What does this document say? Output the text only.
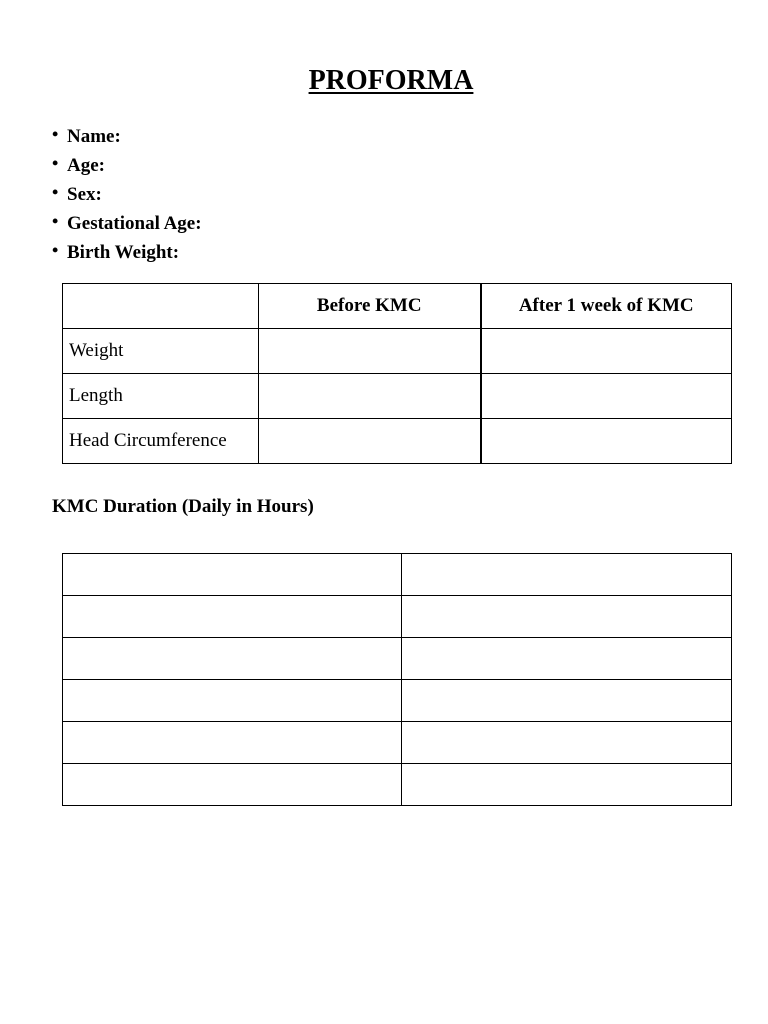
PROFORMA
• Name:
• Age:
• Sex:
• Gestational Age:
• Birth Weight:
	Before KMC	After 1 week of KMC
Weight		
Length		
Head Circumference		
KMC Duration (Daily in Hours)
